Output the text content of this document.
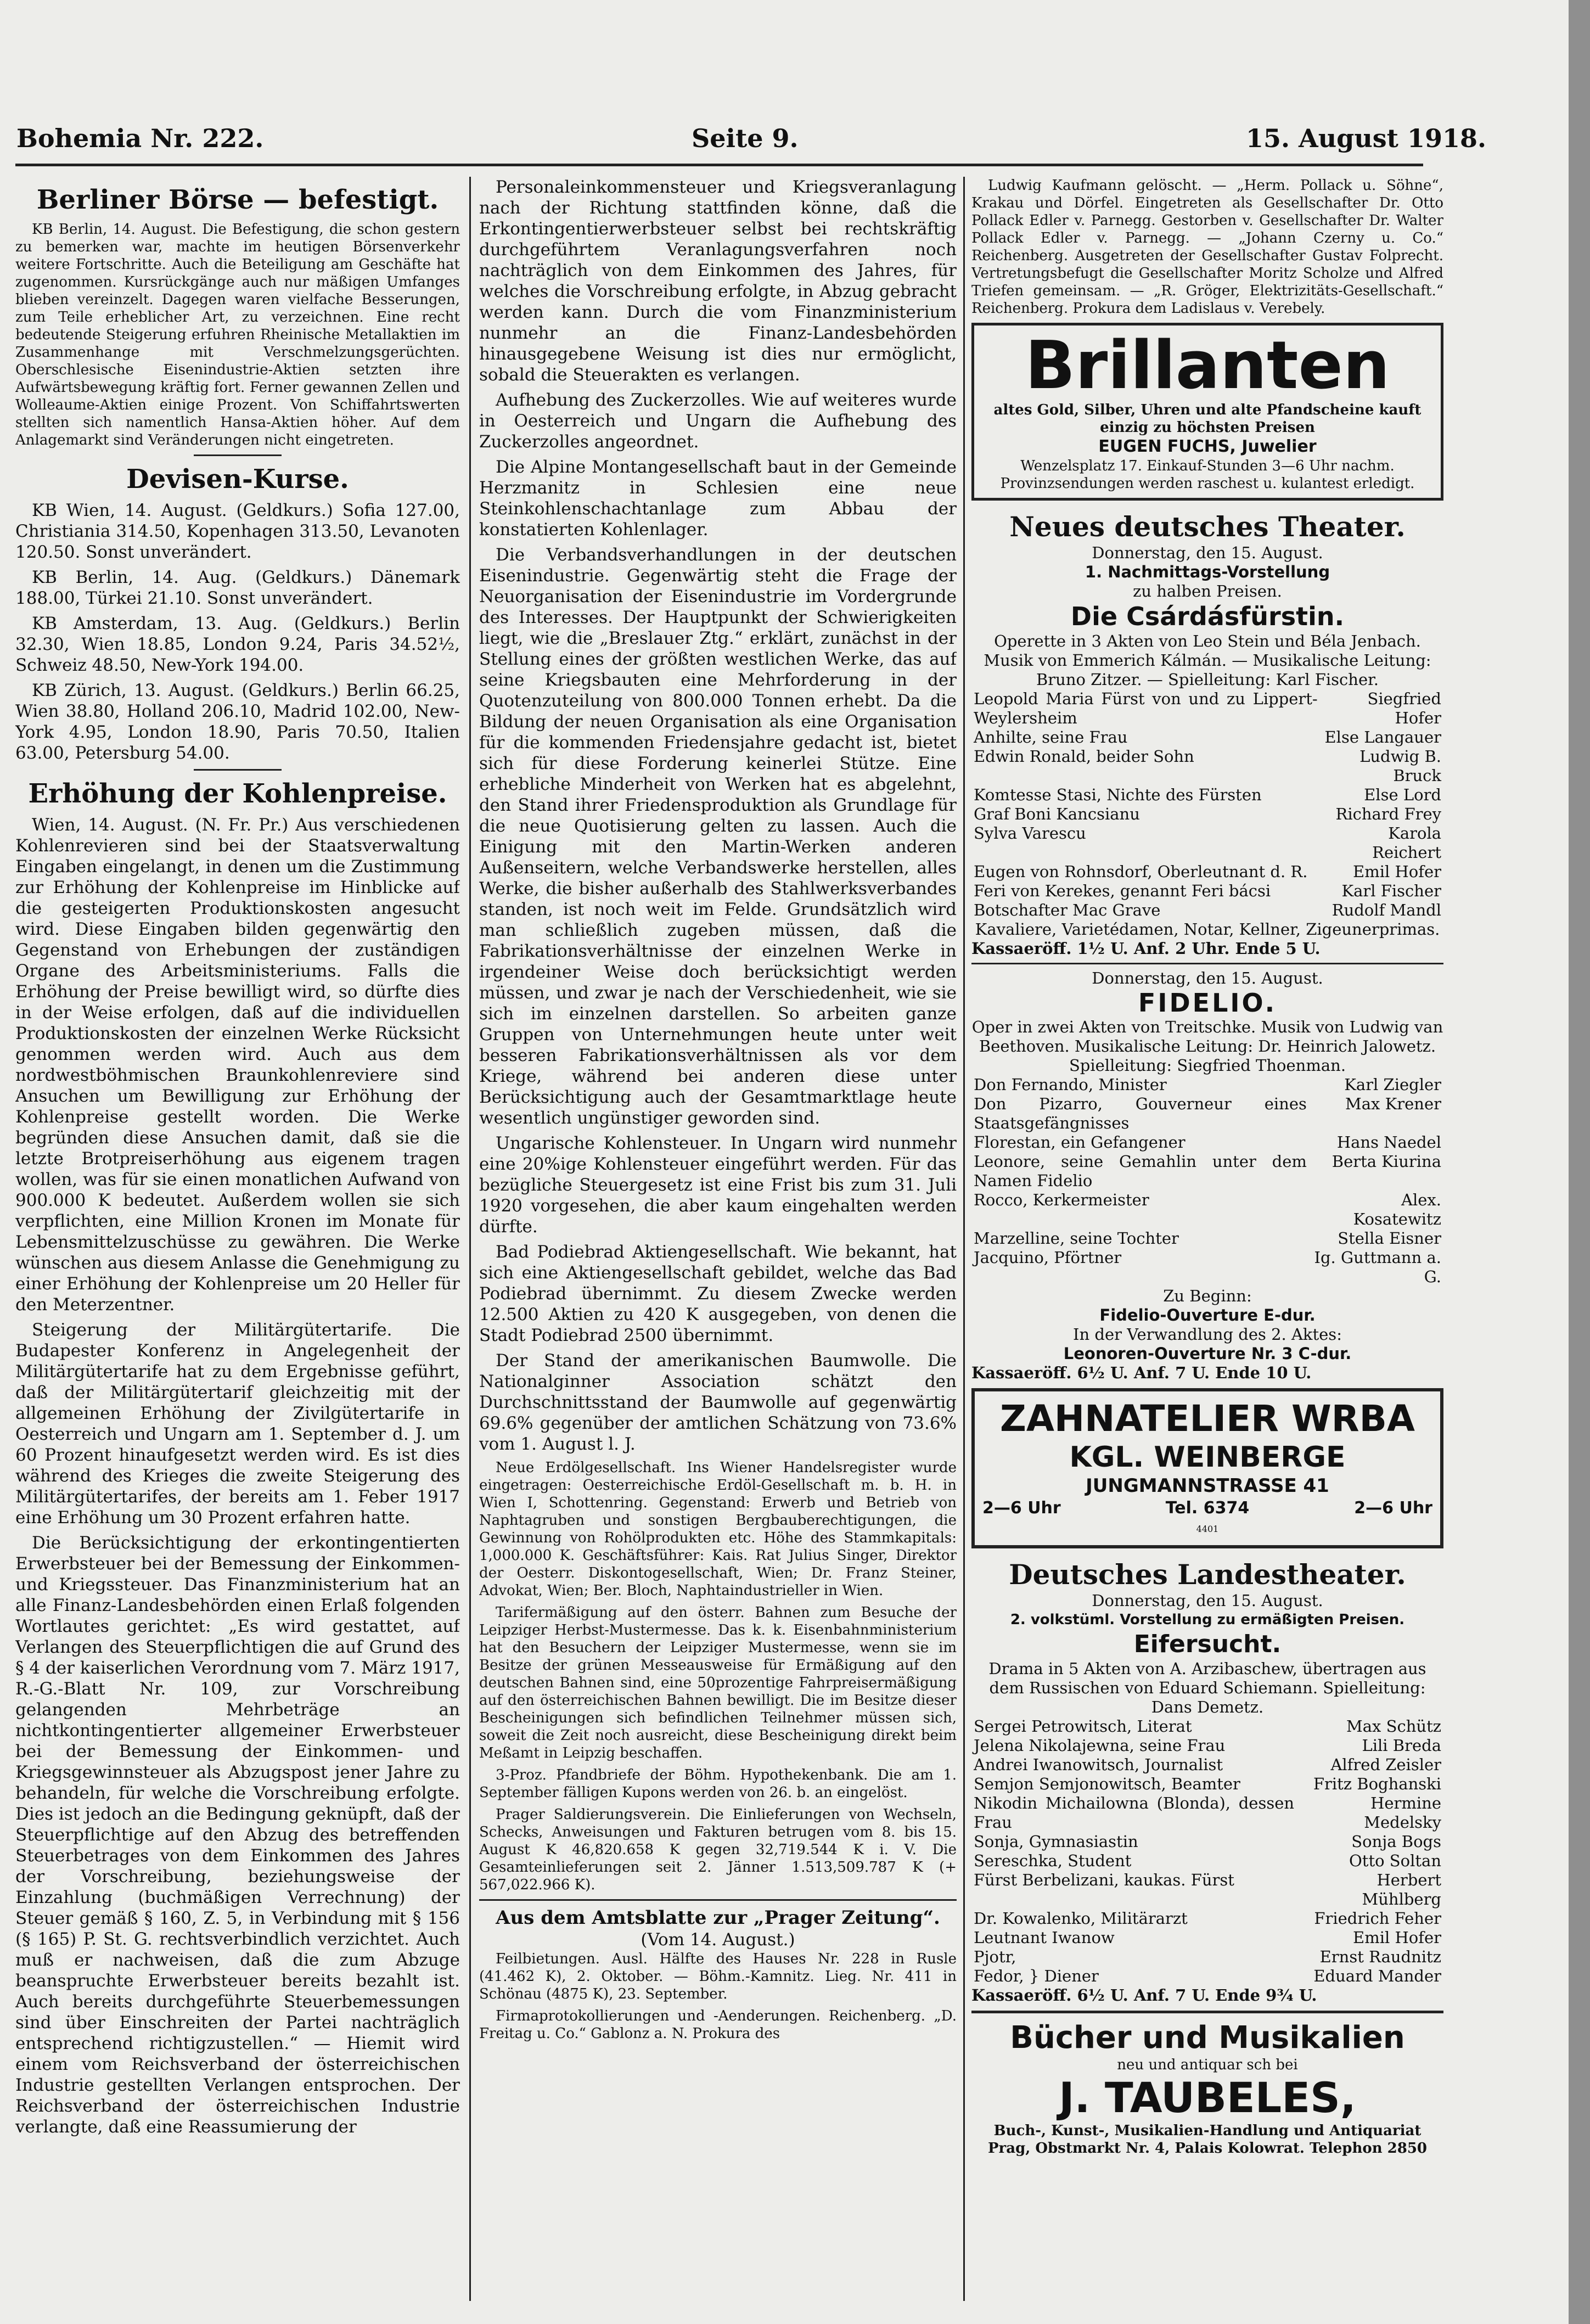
Bohemia Nr. 222.	Seite 9.	15. August 1918.
Berliner Börse — befestigt.

KB Berlin, 14. August. Die Befestigung, die schon gestern zu bemerken war, machte im heutigen Börsenverkehr weitere Fortschritte. Auch die Beteiligung am Geschäfte hat zugenommen. Kursrückgänge auch nur mäßigen Umfanges blieben vereinzelt. Dagegen waren vielfache Besserungen, zum Teile erheblicher Art, zu verzeichnen. Eine recht bedeutende Steigerung erfuhren Rheinische Metallaktien im Zusammenhange mit Verschmelzungsgerüchten. Oberschlesische Eisenindustrie-Aktien setzten ihre Aufwärtsbewegung kräftig fort. Ferner gewannen Zellen und Wolleaume-Aktien einige Prozent. Von Schiffahrtswerten stellten sich namentlich Hansa-Aktien höher. Auf dem Anlagemarkt sind Veränderungen nicht eingetreten.

Devisen-Kurse.

KB Wien, 14. August. (Geldkurs.) Sofia 127.00, Christiania 314.50, Kopenhagen 313.50, Levanoten 120.50. Sonst unverändert.

KB Berlin, 14. Aug. (Geldkurs.) Dänemark 188.00, Türkei 21.10. Sonst unverändert.

KB Amsterdam, 13. Aug. (Geldkurs.) Berlin 32.30, Wien 18.85, London 9.24, Paris 34.52½, Schweiz 48.50, New-York 194.00.

KB Zürich, 13. August. (Geldkurs.) Berlin 66.25, Wien 38.80, Holland 206.10, Madrid 102.00, New-York 4.95, London 18.90, Paris 70.50, Italien 63.00, Petersburg 54.00.

Erhöhung der Kohlenpreise.

Wien, 14. August. (N. Fr. Pr.) Aus verschiedenen Kohlenrevieren sind bei der Staatsverwaltung Eingaben eingelangt, in denen um die Zustimmung zur Erhöhung der Kohlenpreise im Hinblicke auf die gesteigerten Produktionskosten angesucht wird. Diese Eingaben bilden gegenwärtig den Gegenstand von Erhebungen der zuständigen Organe des Arbeitsministeriums. Falls die Erhöhung der Preise bewilligt wird, so dürfte dies in der Weise erfolgen, daß auf die individuellen Produktionskosten der einzelnen Werke Rücksicht genommen werden wird. Auch aus dem nordwestböhmischen Braunkohlenreviere sind Ansuchen um Bewilligung zur Erhöhung der Kohlenpreise gestellt worden. Die Werke begründen diese Ansuchen damit, daß sie die letzte Brotpreiserhöhung aus eigenem tragen wollen, was für sie einen monatlichen Aufwand von 900.000 K bedeutet. Außerdem wollen sie sich verpflichten, eine Million Kronen im Monate für Lebensmittelzuschüsse zu gewähren. Die Werke wünschen aus diesem Anlasse die Genehmigung zu einer Erhöhung der Kohlenpreise um 20 Heller für den Meterzentner.

Steigerung der Militärgütertarife. Die Budapester Konferenz in Angelegenheit der Militärgütertarife hat zu dem Ergebnisse geführt, daß der Militärgütertarif gleichzeitig mit der allgemeinen Erhöhung der Zivilgütertarife in Oesterreich und Ungarn am 1. September d. J. um 60 Prozent hinaufgesetzt werden wird. Es ist dies während des Krieges die zweite Steigerung des Militärgütertarifes, der bereits am 1. Feber 1917 eine Erhöhung um 30 Prozent erfahren hatte.

Die Berücksichtigung der erkontingentierten Erwerbsteuer bei der Bemessung der Einkommen- und Kriegssteuer. Das Finanzministerium hat an alle Finanz-Landesbehörden einen Erlaß folgenden Wortlautes gerichtet: „Es wird gestattet, auf Verlangen des Steuerpflichtigen die auf Grund des § 4 der kaiserlichen Verordnung vom 7. März 1917, R.-G.-Blatt Nr. 109, zur Vorschreibung gelangenden Mehrbeträge an nichtkontingentierter allgemeiner Erwerbsteuer bei der Bemessung der Einkommen- und Kriegsgewinnsteuer als Abzugspost jener Jahre zu behandeln, für welche die Vorschreibung erfolgte. Dies ist jedoch an die Bedingung geknüpft, daß der Steuerpflichtige auf den Abzug des betreffenden Steuerbetrages von dem Einkommen des Jahres der Vorschreibung, beziehungsweise der Einzahlung (buchmäßigen Verrechnung) der Steuer gemäß § 160, Z. 5, in Verbindung mit § 156 (§ 165) P. St. G. rechtsverbindlich verzichtet. Auch muß er nachweisen, daß die zum Abzuge beanspruchte Erwerbsteuer bereits bezahlt ist. Auch bereits durchgeführte Steuerbemessungen sind über Einschreiten der Partei nachträglich entsprechend richtigzustellen.“ — Hiemit wird einem vom Reichsverband der österreichischen Industrie gestellten Verlangen entsprochen. Der Reichsverband der österreichischen Industrie verlangte, daß eine Reassumierung der

Personaleinkommensteuer und Kriegsveranlagung nach der Richtung stattfinden könne, daß die Erkontingentierwerbsteuer selbst bei rechtskräftig durchgeführtem Veranlagungsverfahren noch nachträglich von dem Einkommen des Jahres, für welches die Vorschreibung erfolgte, in Abzug gebracht werden kann. Durch die vom Finanzministerium nunmehr an die Finanz-Landesbehörden hinausgegebene Weisung ist dies nur ermöglicht, sobald die Steuerakten es verlangen.

Aufhebung des Zuckerzolles. Wie auf weiteres wurde in Oesterreich und Ungarn die Aufhebung des Zuckerzolles angeordnet.

Die Alpine Montangesellschaft baut in der Gemeinde Herzmanitz in Schlesien eine neue Steinkohlenschachtanlage zum Abbau der konstatierten Kohlenlager.

Die Verbandsverhandlungen in der deutschen Eisenindustrie. Gegenwärtig steht die Frage der Neuorganisation der Eisenindustrie im Vordergrunde des Interesses. Der Hauptpunkt der Schwierigkeiten liegt, wie die „Breslauer Ztg.“ erklärt, zunächst in der Stellung eines der größten westlichen Werke, das auf seine Kriegsbauten eine Mehrforderung in der Quotenzuteilung von 800.000 Tonnen erhebt. Da die Bildung der neuen Organisation als eine Organisation für die kommenden Friedensjahre gedacht ist, bietet sich für diese Forderung keinerlei Stütze. Eine erhebliche Minderheit von Werken hat es abgelehnt, den Stand ihrer Friedensproduktion als Grundlage für die neue Quotisierung gelten zu lassen. Auch die Einigung mit den Martin-Werken anderen Außenseitern, welche Verbandswerke herstellen, alles Werke, die bisher außerhalb des Stahlwerksverbandes standen, ist noch weit im Felde. Grundsätzlich wird man schließlich zugeben müssen, daß die Fabrikationsverhältnisse der einzelnen Werke in irgendeiner Weise doch berücksichtigt werden müssen, und zwar je nach der Verschiedenheit, wie sie sich im einzelnen darstellen. So arbeiten ganze Gruppen von Unternehmungen heute unter weit besseren Fabrikationsverhältnissen als vor dem Kriege, während bei anderen diese unter Berücksichtigung auch der Gesamtmarktlage heute wesentlich ungünstiger geworden sind.

Ungarische Kohlensteuer. In Ungarn wird nunmehr eine 20%ige Kohlensteuer eingeführt werden. Für das bezügliche Steuergesetz ist eine Frist bis zum 31. Juli 1920 vorgesehen, die aber kaum eingehalten werden dürfte.

Bad Podiebrad Aktiengesellschaft. Wie bekannt, hat sich eine Aktiengesellschaft gebildet, welche das Bad Podiebrad übernimmt. Zu diesem Zwecke werden 12.500 Aktien zu 420 K ausgegeben, von denen die Stadt Podiebrad 2500 übernimmt.

Der Stand der amerikanischen Baumwolle. Die Nationalginner Association schätzt den Durchschnittsstand der Baumwolle auf gegenwärtig 69.6% gegenüber der amtlichen Schätzung von 73.6% vom 1. August l. J.

Neue Erdölgesellschaft. Ins Wiener Handelsregister wurde eingetragen: Oesterreichische Erdöl-Gesellschaft m. b. H. in Wien I, Schottenring. Gegenstand: Erwerb und Betrieb von Naphtagruben und sonstigen Bergbauberechtigungen, die Gewinnung von Rohölprodukten etc. Höhe des Stammkapitals: 1,000.000 K. Geschäftsführer: Kais. Rat Julius Singer, Direktor der Oesterr. Diskontogesellschaft, Wien; Dr. Franz Steiner, Advokat, Wien; Ber. Bloch, Naphtaindustrieller in Wien.

Tarifermäßigung auf den österr. Bahnen zum Besuche der Leipziger Herbst-Mustermesse. Das k. k. Eisenbahnministerium hat den Besuchern der Leipziger Mustermesse, wenn sie im Besitze der grünen Messeausweise für Ermäßigung auf den deutschen Bahnen sind, eine 50prozentige Fahrpreisermäßigung auf den österreichischen Bahnen bewilligt. Die im Besitze dieser Bescheinigungen sich befindlichen Teilnehmer müssen sich, soweit die Zeit noch ausreicht, diese Bescheinigung direkt beim Meßamt in Leipzig beschaffen.

3-Proz. Pfandbriefe der Böhm. Hypothekenbank. Die am 1. September fälligen Kupons werden von 26. b. an eingelöst.

Prager Saldierungsverein. Die Einlieferungen von Wechseln, Schecks, Anweisungen und Fakturen betrugen vom 8. bis 15. August K 46,820.658 K gegen 32,719.544 K i. V. Die Gesamteinlieferungen seit 2. Jänner 1.513,509.787 K (+ 567,022.966 K).

Aus dem Amtsblatte zur „Prager Zeitung“.
(Vom 14. August.)

Feilbietungen. Ausl. Hälfte des Hauses Nr. 228 in Rusle (41.462 K), 2. Oktober. — Böhm.-Kamnitz. Lieg. Nr. 411 in Schönau (4875 K), 23. September.

Firmaprotokollierungen und -Aenderungen. Reichenberg. „D. Freitag u. Co.“ Gablonz a. N. Prokura des

Ludwig Kaufmann gelöscht. — „Herm. Pollack u. Söhne“, Krakau und Dörfel. Eingetreten als Gesellschafter Dr. Otto Pollack Edler v. Parnegg. Gestorben v. Gesellschafter Dr. Walter Pollack Edler v. Parnegg. — „Johann Czerny u. Co.“ Reichenberg. Ausgetreten der Gesellschafter Gustav Folprecht. Vertretungsbefugt die Gesellschafter Moritz Scholze und Alfred Triefen gemeinsam. — „R. Gröger, Elektrizitäts-Gesellschaft.“ Reichenberg. Prokura dem Ladislaus v. Verebely.

Brillanten
altes Gold, Silber, Uhren und alte Pfandscheine kauft einzig zu höchsten Preisen
EUGEN FUCHS, Juwelier
Wenzelsplatz 17. Einkauf-Stunden 3—6 Uhr nachm. Provinzsendungen werden raschest u. kulantest erledigt.
Neues deutsches Theater.
Donnerstag, den 15. August.
1. Nachmittags-Vorstellung
zu halben Preisen.
Die Csárdásfürstin.
Operette in 3 Akten von Leo Stein und Béla Jenbach. Musik von Emmerich Kálmán. — Musikalische Leitung: Bruno Zitzer. — Spielleitung: Karl Fischer.
Leopold Maria Fürst von und zu Lippert-Weylersheim	Siegfried Hofer
Anhilte, seine Frau	Else Langauer
Edwin Ronald, beider Sohn	Ludwig B. Bruck
Komtesse Stasi, Nichte des Fürsten	Else Lord
Graf Boni Kancsianu	Richard Frey
Sylva Varescu	Karola Reichert
Eugen von Rohnsdorf, Oberleutnant d. R.	Emil Hofer
Feri von Kerekes, genannt Feri bácsi	Karl Fischer
Botschafter Mac Grave	Rudolf Mandl
Kavaliere, Varietédamen, Notar, Kellner, Zigeunerprimas.	
Kassaeröff. 1½ U. Anf. 2 Uhr. Ende 5 U.
Donnerstag, den 15. August.
FIDELIO.
Oper in zwei Akten von Treitschke. Musik von Ludwig van Beethoven. Musikalische Leitung: Dr. Heinrich Jalowetz. Spielleitung: Siegfried Thoenman.
Don Fernando, Minister	Karl Ziegler
Don Pizarro, Gouverneur eines Staatsgefängnisses	Max Krener
Florestan, ein Gefangener	Hans Naedel
Leonore, seine Gemahlin unter dem Namen Fidelio	Berta Kiurina
Rocco, Kerkermeister	Alex. Kosatewitz
Marzelline, seine Tochter	Stella Eisner
Jacquino, Pförtner	Ig. Guttmann a. G.
Zu Beginn:
Fidelio-Ouverture E-dur.
In der Verwandlung des 2. Aktes:
Leonoren-Ouverture Nr. 3 C-dur.
Kassaeröff. 6½ U. Anf. 7 U. Ende 10 U.
ZAHNATELIER WRBA
KGL. WEINBERGE
JUNGMANNSTRASSE 41
2—6 Uhr	Tel. 6374	2—6 Uhr
4401
Deutsches Landestheater.
Donnerstag, den 15. August.
2. volkstüml. Vorstellung zu ermäßigten Preisen.
Eifersucht.
Drama in 5 Akten von A. Arzibaschew, übertragen aus dem Russischen von Eduard Schiemann. Spielleitung: Dans Demetz.
Sergei Petrowitsch, Literat	Max Schütz
Jelena Nikolajewna, seine Frau	Lili Breda
Andrei Iwanowitsch, Journalist	Alfred Zeisler
Semjon Semjonowitsch, Beamter	Fritz Boghanski
Nikodin Michailowna (Blonda), dessen Frau	Hermine Medelsky
Sonja, Gymnasiastin	Sonja Bogs
Sereschka, Student	Otto Soltan
Fürst Berbelizani, kaukas. Fürst	Herbert Mühlberg
Dr. Kowalenko, Militärarzt	Friedrich Feher
Leutnant Iwanow	Emil Hofer
Pjotr,	Ernst Raudnitz
Fedor, } Diener	Eduard Mander
Kassaeröff. 6½ U. Anf. 7 U. Ende 9¾ U.
Bücher und Musikalien
neu und antiquar sch bei
J. TAUBELES,
Buch-, Kunst-, Musikalien-Handlung und Antiquariat Prag, Obstmarkt Nr. 4, Palais Kolowrat. Telephon 2850
